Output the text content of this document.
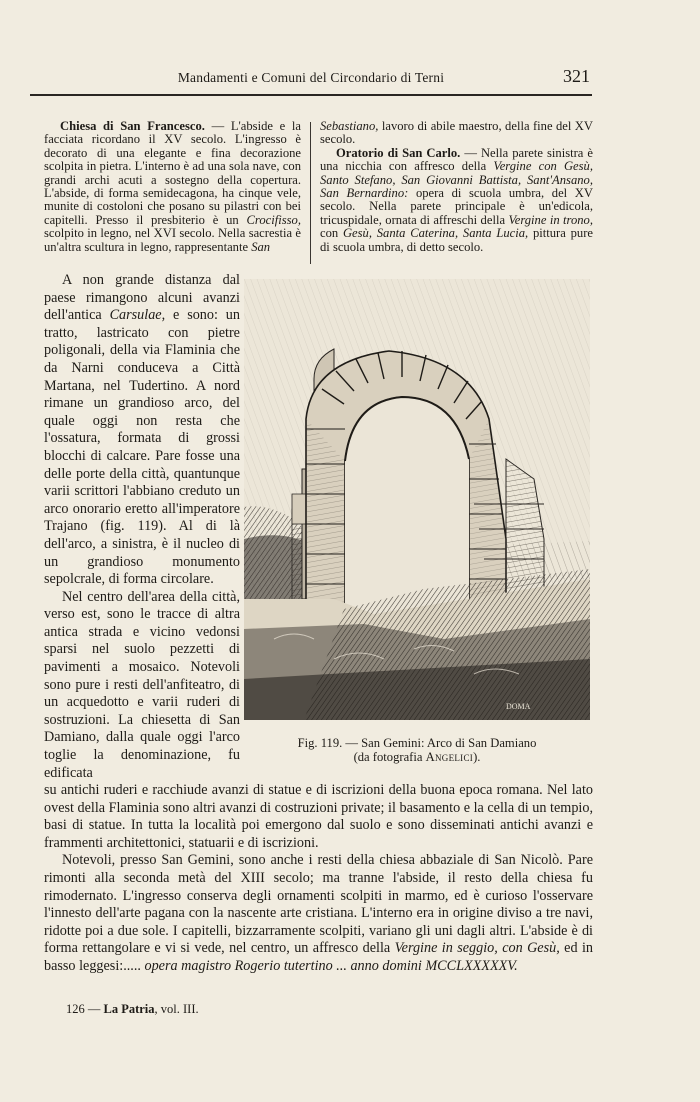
Mandamenti e Comuni del Circondario di Terni	321

Chiesa di San Francesco. — L'abside e la facciata ricordano il XV secolo. L'ingresso è decorato di una elegante e fina decorazione scolpita in pietra. L'interno è ad una sola nave, con grandi archi acuti a sostegno della copertura. L'abside, di forma semidecagona, ha cinque vele, munite di costoloni che posano su pilastri con bei capitelli. Presso il presbiterio è un Crocifisso, scolpito in legno, nel XVI secolo. Nella sacrestia è un'altra scultura in legno, rappresentante San

Sebastiano, lavoro di abile maestro, della fine del XV secolo.

Oratorio di San Carlo. — Nella parete sinistra è una nicchia con affresco della Vergine con Gesù, Santo Stefano, San Giovanni Battista, Sant'Ansano, San Bernardino: opera di scuola umbra, del XV secolo. Nella parete principale è un'edicola, tricuspidale, ornata di affreschi della Vergine in trono, con Gesù, Santa Caterina, Santa Lucia, pittura pure di scuola umbra, di detto secolo.

A non grande distanza dal paese rimangono alcuni avanzi dell'antica Carsulae, e sono: un tratto, lastricato con pietre poligonali, della via Flaminia che da Narni conduceva a Città Martana, nel Tudertino. A nord rimane un grandioso arco, del quale oggi non resta che l'ossatura, formata di grossi blocchi di calcare. Pare fosse una delle porte della città, quantunque varii scrittori l'abbiano creduto un arco onorario eretto all'imperatore Trajano (fig. 119). Al di là dell'arco, a sinistra, è il nucleo di un grandioso monumento sepolcrale, di forma circolare.

Nel centro dell'area della città, verso est, sono le tracce di altra antica strada e vicino vedonsi sparsi nel suolo pezzetti di pavimenti a mosaico. Notevoli sono pure i resti dell'anfiteatro, di un acquedotto e varii ruderi di sostruzioni. La chiesetta di San Damiano, dalla quale oggi l'arco toglie la denominazione, fu edificata

DOMA
Fig. 119. — San Gemini: Arco di San Damiano
(da fotografia Angelici).

su antichi ruderi e racchiude avanzi di statue e di iscrizioni della buona epoca romana. Nel lato ovest della Flaminia sono altri avanzi di costruzioni private; il basamento e la cella di un tempio, basi di statue. In tutta la località poi emergono dal suolo e sono disseminati antichi avanzi e frammenti architettonici, statuarii e di iscrizioni.

Notevoli, presso San Gemini, sono anche i resti della chiesa abbaziale di San Nicolò. Pare rimonti alla seconda metà del XIII secolo; ma tranne l'abside, il resto della chiesa fu rimodernato. L'ingresso conserva degli ornamenti scolpiti in marmo, ed è curioso l'osservare l'innesto dell'arte pagana con la nascente arte cristiana. L'interno era in origine diviso a tre navi, ridotte poi a due sole. I capitelli, bizzarramente scolpiti, variano gli uni dagli altri. L'abside è di forma rettangolare e vi si vede, nel centro, un affresco della Vergine in seggio, con Gesù, ed in basso leggesi:..... opera magistro Rogerio tutertino ... anno domini MCCLXXXXXV.

126 — La Patria, vol. III.
